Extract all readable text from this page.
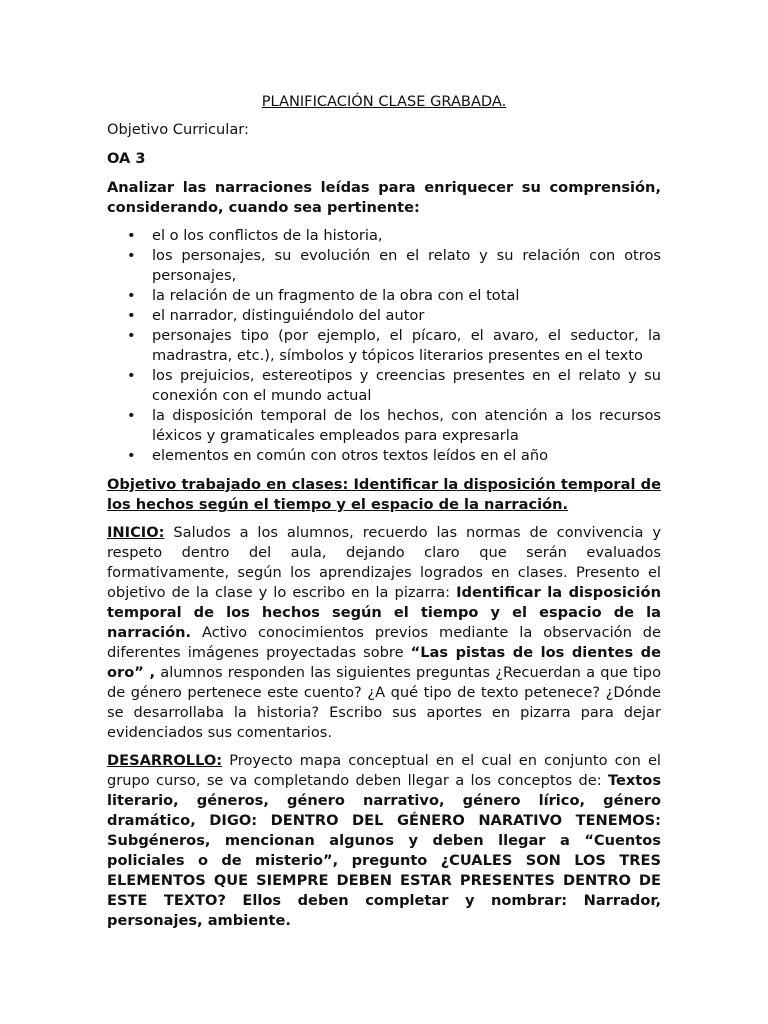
PLANIFICACIÓN CLASE GRABADA.
Objetivo Curricular:
OA 3
Analizar las narraciones leídas para enriquecer su comprensión, considerando, cuando sea pertinente:
• el o los conflictos de la historia,
• los personajes, su evolución en el relato y su relación con otros personajes,
• la relación de un fragmento de la obra con el total
• el narrador, distinguiéndolo del autor
• personajes tipo (por ejemplo, el pícaro, el avaro, el seductor, la madrastra, etc.), símbolos y tópicos literarios presentes en el texto
• los prejuicios, estereotipos y creencias presentes en el relato y su conexión con el mundo actual
• la disposición temporal de los hechos, con atención a los recursos léxicos y gramaticales empleados para expresarla
• elementos en común con otros textos leídos en el año
Objetivo trabajado en clases: Identificar la disposición temporal de los hechos según el tiempo y el espacio de la narración.
INICIO: Saludos a los alumnos, recuerdo las normas de convivencia y respeto dentro del aula, dejando claro que serán evaluados formativamente, según los aprendizajes logrados en clases. Presento el objetivo de la clase y lo escribo en la pizarra: Identificar la disposición temporal de los hechos según el tiempo y el espacio de la narración. Activo conocimientos previos mediante la observación de diferentes imágenes proyectadas sobre “Las pistas de los dientes de oro” , alumnos responden las siguientes preguntas ¿Recuerdan a que tipo de género pertenece este cuento? ¿A qué tipo de texto petenece? ¿Dónde se desarrollaba la historia? Escribo sus aportes en pizarra para dejar evidenciados sus comentarios.
DESARROLLO: Proyecto mapa conceptual en el cual en conjunto con el grupo curso, se va completando deben llegar a los conceptos de: Textos literario, géneros, género narrativo, género lírico, género dramático, DIGO: DENTRO DEL GÉNERO NARATIVO TENEMOS: Subgéneros, mencionan algunos y deben llegar a “Cuentos policiales o de misterio”, pregunto ¿CUALES SON LOS TRES ELEMENTOS QUE SIEMPRE DEBEN ESTAR PRESENTES DENTRO DE ESTE TEXTO? Ellos deben completar y nombrar: Narrador, personajes, ambiente.
